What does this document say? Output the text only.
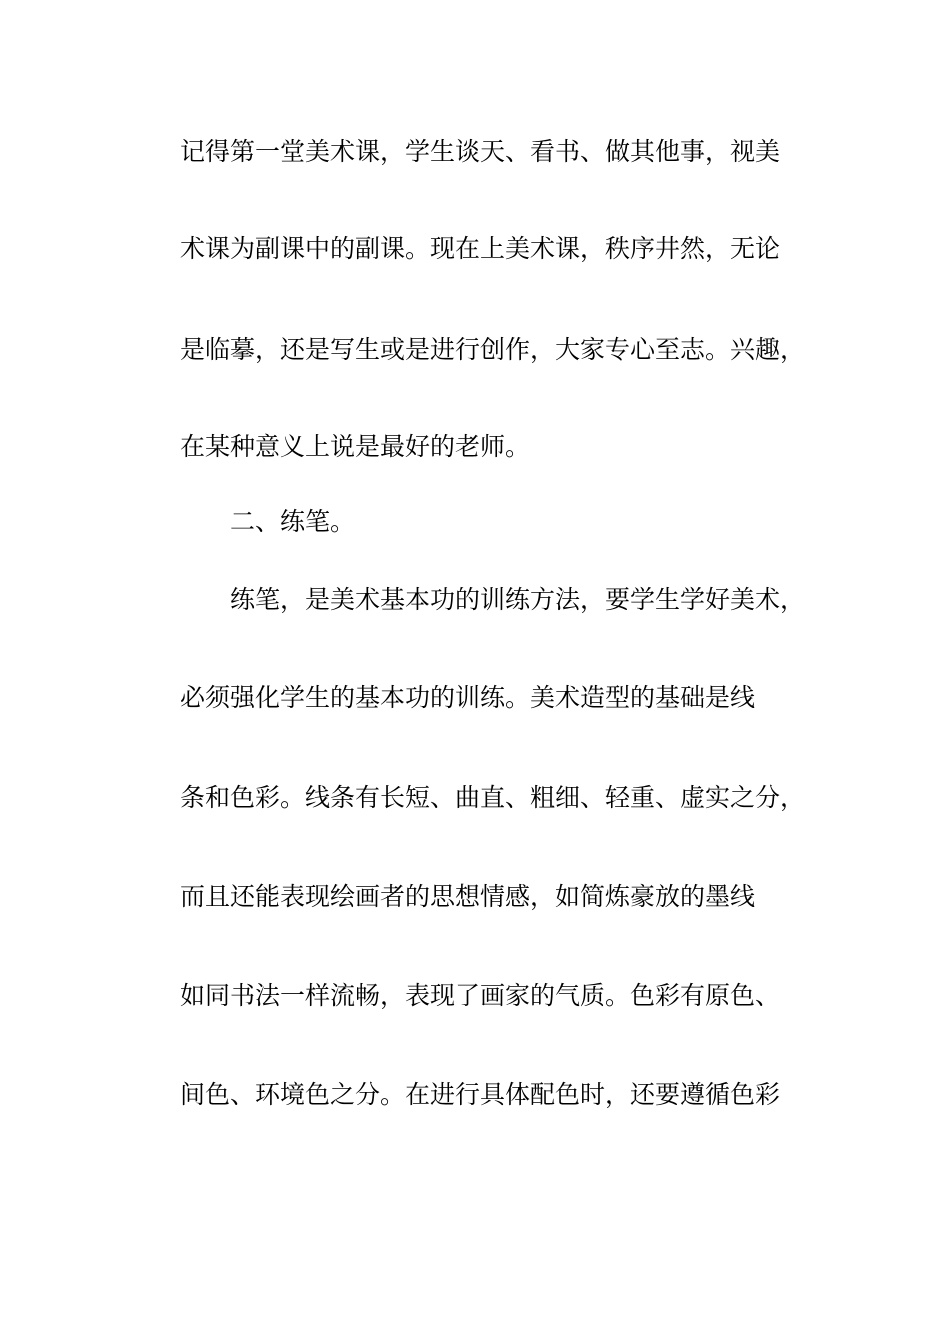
记得第一堂美术课，学生谈天、看书、做其他事，视美
术课为副课中的副课。现在上美术课，秩序井然，无论
是临摹，还是写生或是进行创作，大家专心至志。兴趣，
在某种意义上说是最好的老师。
二、练笔。
练笔，是美术基本功的训练方法，要学生学好美术，
必须强化学生的基本功的训练。美术造型的基础是线
条和色彩。线条有长短、曲直、粗细、轻重、虚实之分，
而且还能表现绘画者的思想情感，如简炼豪放的墨线
如同书法一样流畅，表现了画家的气质。色彩有原色、
间色、环境色之分。在进行具体配色时，还要遵循色彩
